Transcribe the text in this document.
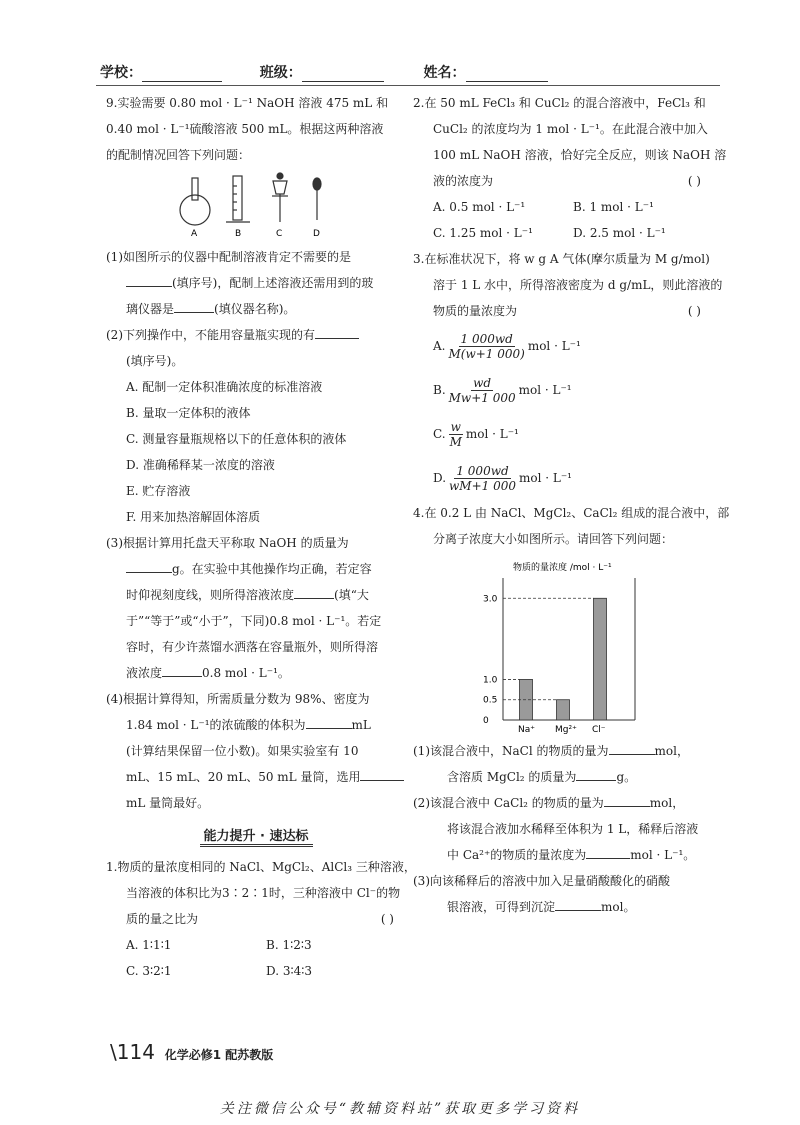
学校：	班级：	姓名：

9.实验需要 0.80 mol · L⁻¹ NaOH 溶液 475 mL 和

0.40 mol · L⁻¹硫酸溶液 500 mL。根据这两种溶液

的配制情况回答下列问题：

A	B	C	D

(1)如图所示的仪器中配制溶液肯定不需要的是

(填序号)，配制上述溶液还需用到的玻

璃仪器是	(填仪器名称)。

(2)下列操作中，不能用容量瓶实现的有

(填序号)。

A. 配制一定体积准确浓度的标准溶液

B. 量取一定体积的液体

C. 测量容量瓶规格以下的任意体积的液体

D. 准确稀释某一浓度的溶液

E. 贮存溶液

F. 用来加热溶解固体溶质

(3)根据计算用托盘天平称取 NaOH 的质量为

g。在实验中其他操作均正确，若定容

时仰视刻度线，则所得溶液浓度	(填“大

于”“等于”或“小于”，下同)0.8 mol · L⁻¹。若定

容时，有少许蒸馏水洒落在容量瓶外，则所得溶

液浓度	0.8 mol · L⁻¹。

(4)根据计算得知，所需质量分数为 98%、密度为

1.84 mol · L⁻¹的浓硫酸的体积为	mL

(计算结果保留一位小数)。如果实验室有 10

mL、15 mL、20 mL、50 mL 量筒，选用

mL 量筒最好。

能力提升 · 速达标

1.物质的量浓度相同的 NaCl、MgCl₂、AlCl₃ 三种溶液，

当溶液的体积比为3∶2∶1时，三种溶液中 Cl⁻的物

质的量之比为	( )

A. 1∶1∶1	B. 1∶2∶3

C. 3∶2∶1	D. 3∶4∶3

2.在 50 mL FeCl₃ 和 CuCl₂ 的混合溶液中，FeCl₃ 和

CuCl₂ 的浓度均为 1 mol · L⁻¹。在此混合液中加入

100 mL NaOH 溶液，恰好完全反应，则该 NaOH 溶

液的浓度为	( )

A. 0.5 mol · L⁻¹	B. 1 mol · L⁻¹

C. 1.25 mol · L⁻¹	D. 2.5 mol · L⁻¹

3.在标准状况下，将 w g A 气体(摩尔质量为 M g/mol)

溶于 1 L 水中，所得溶液密度为 d g/mL，则此溶液的

物质的量浓度为	( )

A. $\frac{1 000wd}{M(w+1 000)}$ mol · L⁻¹

B. $\frac{wd}{Mw+1 000}$ mol · L⁻¹

C. $\frac{w}{M}$ mol · L⁻¹

D. $\frac{1 000wd}{wM+1 000}$ mol · L⁻¹

4.在 0.2 L 由 NaCl、MgCl₂、CaCl₂ 组成的混合液中，部

分离子浓度大小如图所示。请回答下列问题：

物质的量浓度 /mol · L⁻¹
0
0.5
1.0
3.0
Na⁺ Mg²⁺ Cl⁻

(1)该混合液中，NaCl 的物质的量为	mol，

含溶质 MgCl₂ 的质量为	g。

(2)该混合液中 CaCl₂ 的物质的量为	mol，

将该混合液加水稀释至体积为 1 L，稀释后溶液

中 Ca²⁺的物质的量浓度为	mol · L⁻¹。

(3)向该稀释后的溶液中加入足量硝酸酸化的硝酸

银溶液，可得到沉淀	mol。

\114 化学必修1 配苏教版
关注微信公众号“教辅资料站”获取更多学习资料
